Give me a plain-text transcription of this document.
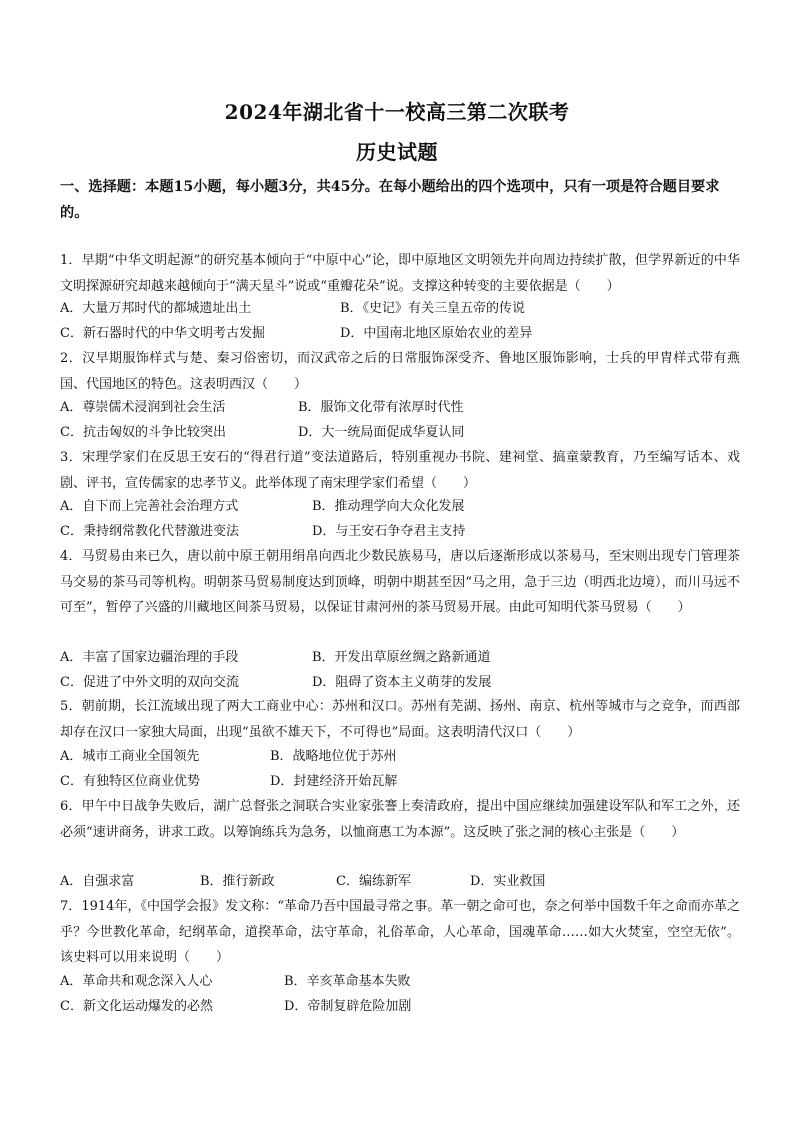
2024年湖北省十一校高三第二次联考
历史试题
一、选择题：本题15小题，每小题3分，共45分。在每小题给出的四个选项中，只有一项是符合题目要求的。
1．早期“中华文明起源”的研究基本倾向于“中原中心”论，即中原地区文明领先并向周边持续扩散，但学界新近的中华文明探源研究却越来越倾向于“满天星斗”说或“重瓣花朵”说。支撑这种转变的主要依据是（　　）
A．大量万邦时代的都城遗址出土	B．《史记》有关三皇五帝的传说
C．新石器时代的中华文明考古发掘	D．中国南北地区原始农业的差异
2．汉早期服饰样式与楚、秦习俗密切，而汉武帝之后的日常服饰深受齐、鲁地区服饰影响，士兵的甲胄样式带有燕国、代国地区的特色。这表明西汉（　　）
A．尊崇儒术浸润到社会生活	B．服饰文化带有浓厚时代性
C．抗击匈奴的斗争比较突出	D．大一统局面促成华夏认同
3．宋理学家们在反思王安石的“得君行道”变法道路后，特别重视办书院、建祠堂、搞童蒙教育，乃至编写话本、戏剧、评书，宣传儒家的忠孝节义。此举体现了南宋理学家们希望（　　）
A．自下而上完善社会治理方式	B．推动理学向大众化发展
C．秉持纲常教化代替激进变法	D．与王安石争夺君主支持
4．马贸易由来已久，唐以前中原王朝用绢帛向西北少数民族易马，唐以后逐渐形成以茶易马，至宋则出现专门管理茶马交易的茶马司等机构。明朝茶马贸易制度达到顶峰，明朝中期甚至因“马之用，急于三边（明西北边境），而川马远不可至”，暂停了兴盛的川藏地区间茶马贸易，以保证甘肃河州的茶马贸易开展。由此可知明代茶马贸易（　　）
A．丰富了国家边疆治理的手段	B．开发出草原丝绸之路新通道
C．促进了中外文明的双向交流	D．阻碍了资本主义萌芽的发展
5．朝前期，长江流域出现了两大工商业中心：苏州和汉口。苏州有芜湖、扬州、南京、杭州等城市与之竞争，而西部却存在汉口一家独大局面，出现“虽欲不雄天下，不可得也”局面。这表明清代汉口（　　）
A．城市工商业全国领先	B．战略地位优于苏州
C．有独特区位商业优势	D．封建经济开始瓦解
6．甲午中日战争失败后，湖广总督张之洞联合实业家张謇上奏清政府，提出中国应继续加强建设军队和军工之外，还必须“速讲商务，讲求工政。以筹饷练兵为急务，以恤商惠工为本源”。这反映了张之洞的核心主张是（　　）
A．自强求富	B．推行新政	C．编练新军	D．实业救国
7．1914年，《中国学会报》发文称：“革命乃吾中国最寻常之事。革一朝之命可也，奈之何举中国数千年之命而亦革之乎？今世教化革命，纪纲革命，道揆革命，法守革命，礼俗革命，人心革命，国魂革命……如大火焚室，空空无依”。该史料可以用来说明（　　）
A．革命共和观念深入人心	B．辛亥革命基本失败
C．新文化运动爆发的必然	D．帝制复辟危险加剧
